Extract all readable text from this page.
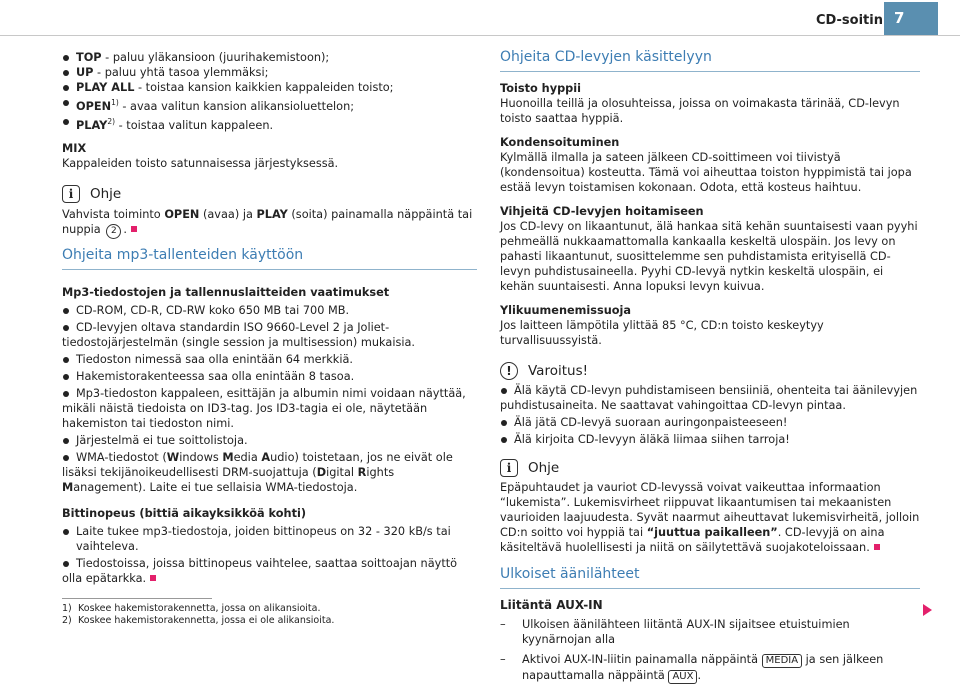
CD-soitin 7
TOP - paluu yläkansioon (juurihakemistoon);
UP - paluu yhtä tasoa ylemmäksi;
PLAY ALL - toistaa kansion kaikkien kappaleiden toisto;
OPEN$^{1)}$ - avaa valitun kansion alikansioluettelon;
PLAY$^{2)}$ - toistaa valitun kappaleen.
MIX
Kappaleiden toisto satunnaisessa järjestyksessä.
i	Ohje
Vahvista toiminto OPEN (avaa) ja PLAY (soita) painamalla näppäintä tai nuppia 2 .
Ohjeita mp3-tallenteiden käyttöön
Mp3-tiedostojen ja tallennuslaitteiden vaatimukset
CD-ROM, CD-R, CD-RW koko 650 MB tai 700 MB.
CD-levyjen oltava standardin ISO 9660-Level 2 ja Joliet-tiedostojärjestelmän (single session ja multisession) mukaisia.
Tiedoston nimessä saa olla enintään 64 merkkiä.
Hakemistorakenteessa saa olla enintään 8 tasoa.
Mp3-tiedoston kappaleen, esittäjän ja albumin nimi voidaan näyttää, mikäli näistä tiedoista on ID3-tag. Jos ID3-tagia ei ole, näytetään hakemiston tai tiedoston nimi.
Järjestelmä ei tue soittolistoja.
WMA-tiedostot (Windows Media Audio) toistetaan, jos ne eivät ole lisäksi tekijänoikeudellisesti DRM-suojattuja (Digital Rights Management). Laite ei tue sellaisia WMA-tiedostoja.
Bittinopeus (bittiä aikayksikköä kohti)
Laite tukee mp3-tiedostoja, joiden bittinopeus on 32 - 320 kB/s tai vaihteleva.
Tiedostoissa, joissa bittinopeus vaihtelee, saattaa soittoajan näyttö olla epätarkka.
1) Koskee hakemistorakennetta, jossa on alikansioita.
2) Koskee hakemistorakennetta, jossa ei ole alikansioita.
Ohjeita CD-levyjen käsittelyyn
Toisto hyppii
Huonoilla teillä ja olosuhteissa, joissa on voimakasta tärinää, CD-levyn toisto saattaa hyppiä.
Kondensoituminen
Kylmällä ilmalla ja sateen jälkeen CD-soittimeen voi tiivistyä (kondensoitua) kosteutta. Tämä voi aiheuttaa toiston hyppimistä tai jopa estää levyn toistamisen kokonaan. Odota, että kosteus haihtuu.
Vihjeitä CD-levyjen hoitamiseen
Jos CD-levy on likaantunut, älä hankaa sitä kehän suuntaisesti vaan pyyhi pehmeällä nukkaamattomalla kankaalla keskeltä ulospäin. Jos levy on pahasti likaantunut, suosittelemme sen puhdistamista erityisellä CD-levyn puhdistusaineella. Pyyhi CD-levyä nytkin keskeltä ulospäin, ei kehän suuntaisesti. Anna lopuksi levyn kuivua.
Ylikuumenemissuoja
Jos laitteen lämpötila ylittää 85 °C, CD:n toisto keskeytyy turvallisuussyistä.
!	Varoitus!
Älä käytä CD-levyn puhdistamiseen bensiiniä, ohenteita tai äänilevyjen puhdistusaineita. Ne saattavat vahingoittaa CD-levyn pintaa.
Älä jätä CD-levyä suoraan auringonpaisteeseen!
Älä kirjoita CD-levyyn äläkä liimaa siihen tarroja!
i	Ohje
Epäpuhtaudet ja vauriot CD-levyssä voivat vaikeuttaa informaation “lukemista”. Lukemisvirheet riippuvat likaantumisen tai mekaanisten vaurioiden laajuudesta. Syvät naarmut aiheuttavat lukemisvirheitä, jolloin CD:n soitto voi hyppiä tai “juuttua paikalleen”. CD-levyjä on aina käsiteltävä huolellisesti ja niitä on säilytettävä suojakoteloissaan.
Ulkoiset äänilähteet
Liitäntä AUX-IN
– Ulkoisen äänilähteen liitäntä AUX-IN sijaitsee etuistuimien kyynärnojan alla
– Aktivoi AUX-IN-liitin painamalla näppäintä MEDIA ja sen jälkeen napauttamalla näppäintä AUX .
